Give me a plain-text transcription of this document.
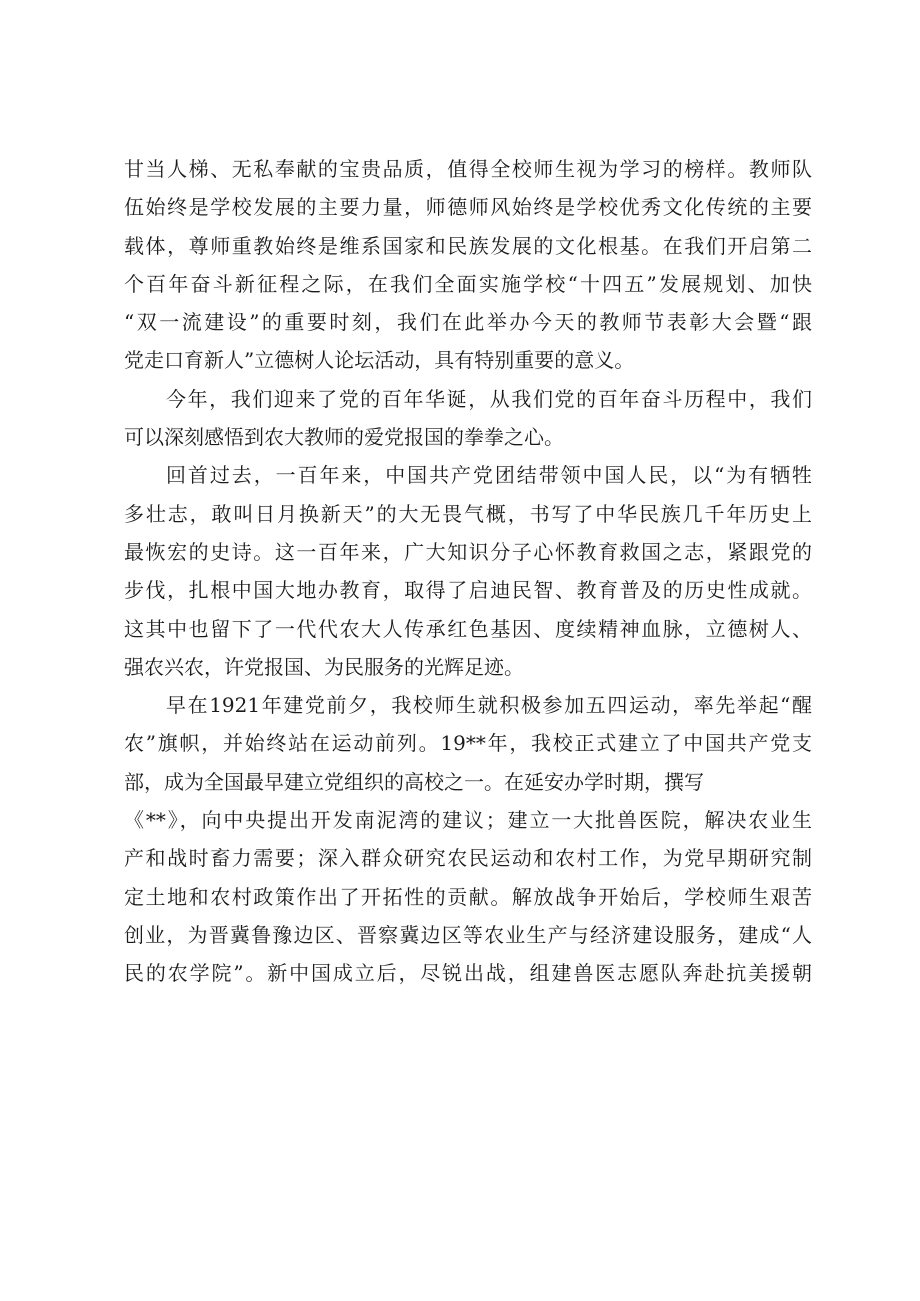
甘当人梯、无私奉献的宝贵品质，值得全校师生视为学习的榜样。教师队
伍始终是学校发展的主要力量，师德师风始终是学校优秀文化传统的主要
载体，尊师重教始终是维系国家和民族发展的文化根基。在我们开启第二
个百年奋斗新征程之际，在我们全面实施学校“十四五”发展规划、加快
“双一流建设”的重要时刻，我们在此举办今天的教师节表彰大会暨“跟
党走口育新人”立德树人论坛活动，具有特别重要的意义。

今年，我们迎来了党的百年华诞，从我们党的百年奋斗历程中，我们
可以深刻感悟到农大教师的爱党报国的拳拳之心。

回首过去，一百年来，中国共产党团结带领中国人民，以“为有牺牲
多壮志，敢叫日月换新天”的大无畏气概，书写了中华民族几千年历史上
最恢宏的史诗。这一百年来，广大知识分子心怀教育救国之志，紧跟党的
步伐，扎根中国大地办教育，取得了启迪民智、教育普及的历史性成就。
这其中也留下了一代代农大人传承红色基因、度续精神血脉，立德树人、
强农兴农，许党报国、为民服务的光辉足迹。

早在1921年建党前夕，我校师生就积极参加五四运动，率先举起“醒
农”旗帜，并始终站在运动前列。19**年，我校正式建立了中国共产党支
部，成为全国最早建立党组织的高校之一。在延安办学时期，撰写
《**》，向中央提出开发南泥湾的建议；建立一大批兽医院，解决农业生
产和战时畜力需要；深入群众研究农民运动和农村工作，为党早期研究制
定土地和农村政策作出了开拓性的贡献。解放战争开始后，学校师生艰苦
创业，为晋冀鲁豫边区、晋察冀边区等农业生产与经济建设服务，建成“人
民的农学院”。新中国成立后，尽锐出战，组建兽医志愿队奔赴抗美援朝
